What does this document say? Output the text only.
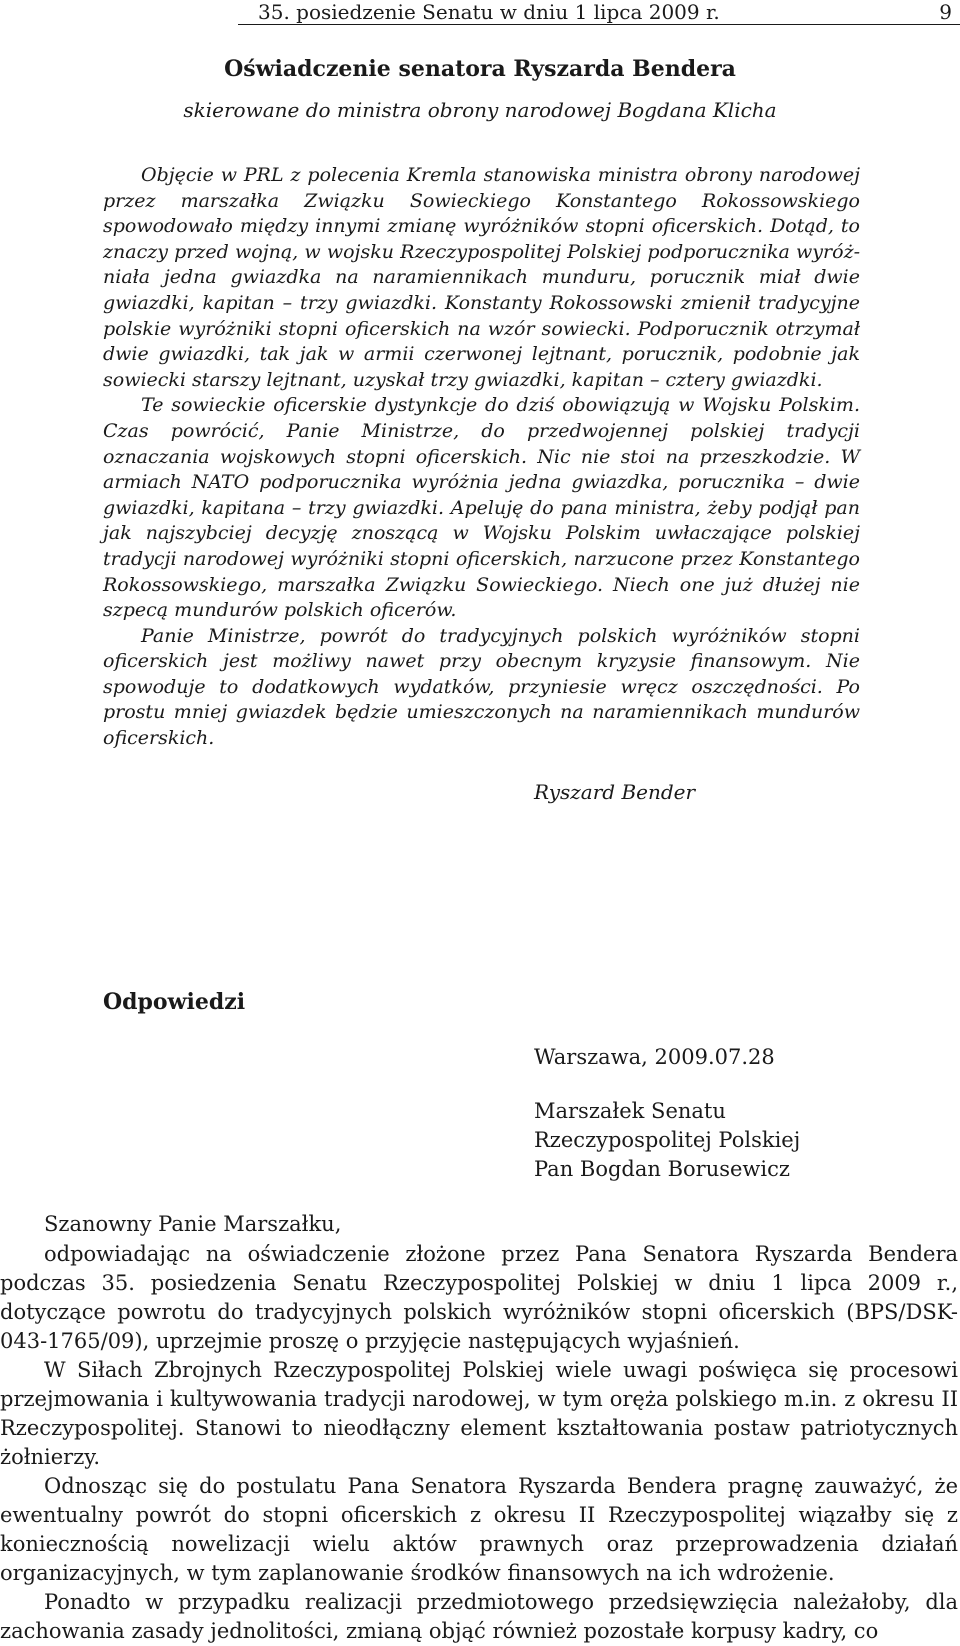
35. posiedzenie Senatu w dniu 1 lipca 2009 r.	9
Oświadczenie senatora Ryszarda Bendera
skierowane do ministra obrony narodowej Bogdana Klicha

Objęcie w PRL z polecenia Kremla stanowiska ministra obrony narodowej przez marszałka Związku Sowieckiego Konstantego Rokossowskiego spowodowało między innymi zmianę wyróżników stopni oficerskich. Dotąd, to znaczy przed wojną, w wojsku Rzeczypospolitej Polskiej podporucznika wyróż- niała jedna gwiazdka na naramiennikach munduru, porucznik miał dwie gwiazdki, kapitan – trzy gwiazdki. Konstanty Rokossowski zmienił tradycyjne polskie wyróżniki stopni oficerskich na wzór sowiecki. Podporucznik otrzymał dwie gwiazdki, tak jak w armii czerwonej lejtnant, porucznik, podobnie jak sowiecki starszy lejtnant, uzyskał trzy gwiazdki, kapitan – cztery gwiazdki.

Te sowieckie oficerskie dystynkcje do dziś obowiązują w Wojsku Polskim. Czas powrócić, Panie Ministrze, do przedwojennej polskiej tradycji oznaczania wojskowych stopni oficerskich. Nic nie stoi na przeszkodzie. W armiach NATO podporucznika wyróżnia jedna gwiazdka, porucznika – dwie gwiazdki, kapitana – trzy gwiazdki. Apeluję do pana ministra, żeby podjął pan jak najszybciej decyzję znoszącą w Wojsku Polskim uwłaczające polskiej tradycji narodowej wyróżniki stopni oficerskich, narzucone przez Konstantego Rokossowskiego, marszałka Związku Sowieckiego. Niech one już dłużej nie szpecą mundurów polskich oficerów.

Panie Ministrze, powrót do tradycyjnych polskich wyróżników stopni oficerskich jest możliwy nawet przy obecnym kryzysie finansowym. Nie spowoduje to dodatkowych wydatków, przyniesie wręcz oszczędności. Po prostu mniej gwiazdek będzie umieszczonych na naramiennikach mundurów oficerskich.

Ryszard Bender
Odpowiedzi
Warszawa, 2009.07.28
Marszałek Senatu
Rzeczypospolitej Polskiej
Pan Bogdan Borusewicz
Szanowny Panie Marszałku,

odpowiadając na oświadczenie złożone przez Pana Senatora Ryszarda Bendera podczas 35. posiedzenia Senatu Rzeczypospolitej Polskiej w dniu 1 lipca 2009 r., dotyczące powrotu do tradycyjnych polskich wyróżników stopni oficerskich (BPS/DSK-043-1765/09), uprzejmie proszę o przyjęcie następujących wyjaśnień.

W Siłach Zbrojnych Rzeczypospolitej Polskiej wiele uwagi poświęca się procesowi przejmowania i kultywowania tradycji narodowej, w tym oręża polskiego m.in. z okresu II Rzeczypospolitej. Stanowi to nieodłączny element kształtowania postaw patriotycznych żołnierzy.

Odnosząc się do postulatu Pana Senatora Ryszarda Bendera pragnę zauważyć, że ewentualny powrót do stopni oficerskich z okresu II Rzeczypospolitej wiązałby się z koniecznością nowelizacji wielu aktów prawnych oraz przeprowadzenia działań organizacyjnych, w tym zaplanowanie środków finansowych na ich wdrożenie.

Ponadto w przypadku realizacji przedmiotowego przedsięwzięcia należałoby, dla zachowania zasady jednolitości, zmianą objąć również pozostałe korpusy kadry, co
